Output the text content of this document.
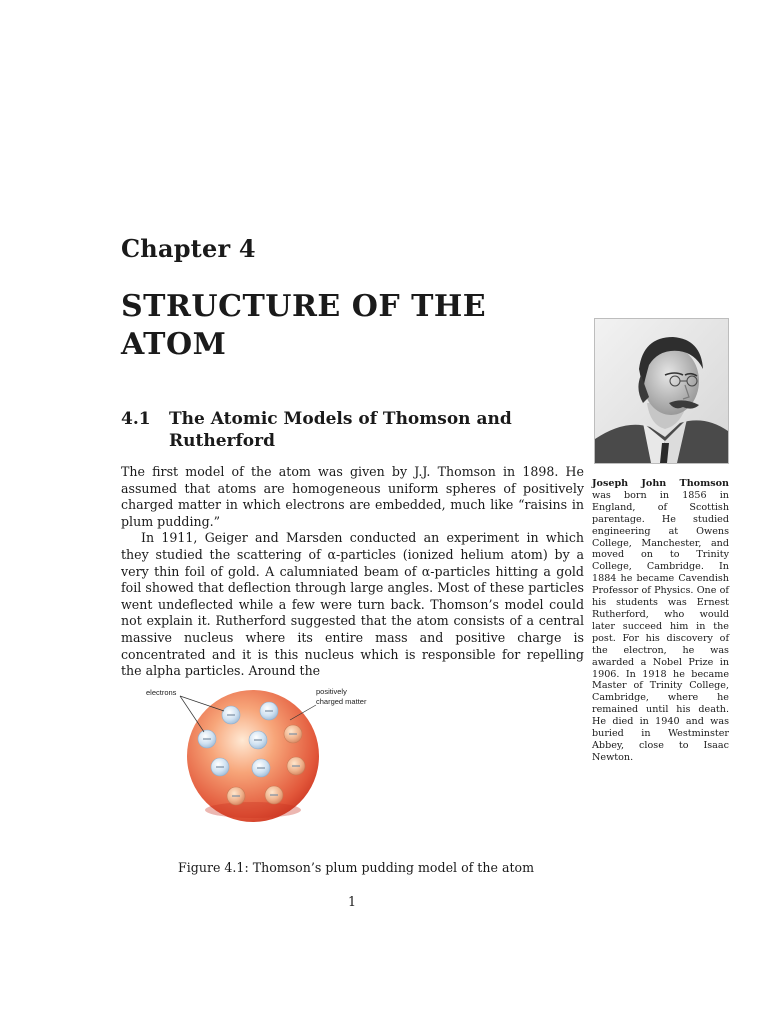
Chapter 4
STRUCTURE OF THE ATOM
4.1	The Atomic Models of Thomson and Rutherford

The first model of the atom was given by J.J. Thomson in 1898. He assumed that atoms are homogeneous uniform spheres of positively charged matter in which electrons are embedded, much like “raisins in plum pudding.”

In 1911, Geiger and Marsden conducted an experiment in which they studied the scattering of α-particles (ionized helium atom) by a very thin foil of gold. A calumniated beam of α-particles hitting a gold foil showed that deflection through large angles. Most of these particles went undeflected while a few were turn back. Thomson’s model could not explain it. Rutherford suggested that the atom consists of a central massive nucleus where its entire mass and positive charge is concentrated and it is this nucleus which is responsible for repelling the alpha particles. Around the

Joseph John Thomson was born in 1856 in England, of Scottish parentage. He studied engineering at Owens College, Manchester, and moved on to Trinity College, Cambridge. In 1884 he became Cavendish Professor of Physics. One of his students was Ernest Rutherford, who would later succeed him in the post. For his discovery of the electron, he was awarded a Nobel Prize in 1906. In 1918 he became Master of Trinity College, Cambridge, where he remained until his death. He died in 1940 and was buried in Westminster Abbey, close to Isaac Newton.
electrons	positively
charged matter
Figure 4.1: Thomson’s plum pudding model of the atom
1
